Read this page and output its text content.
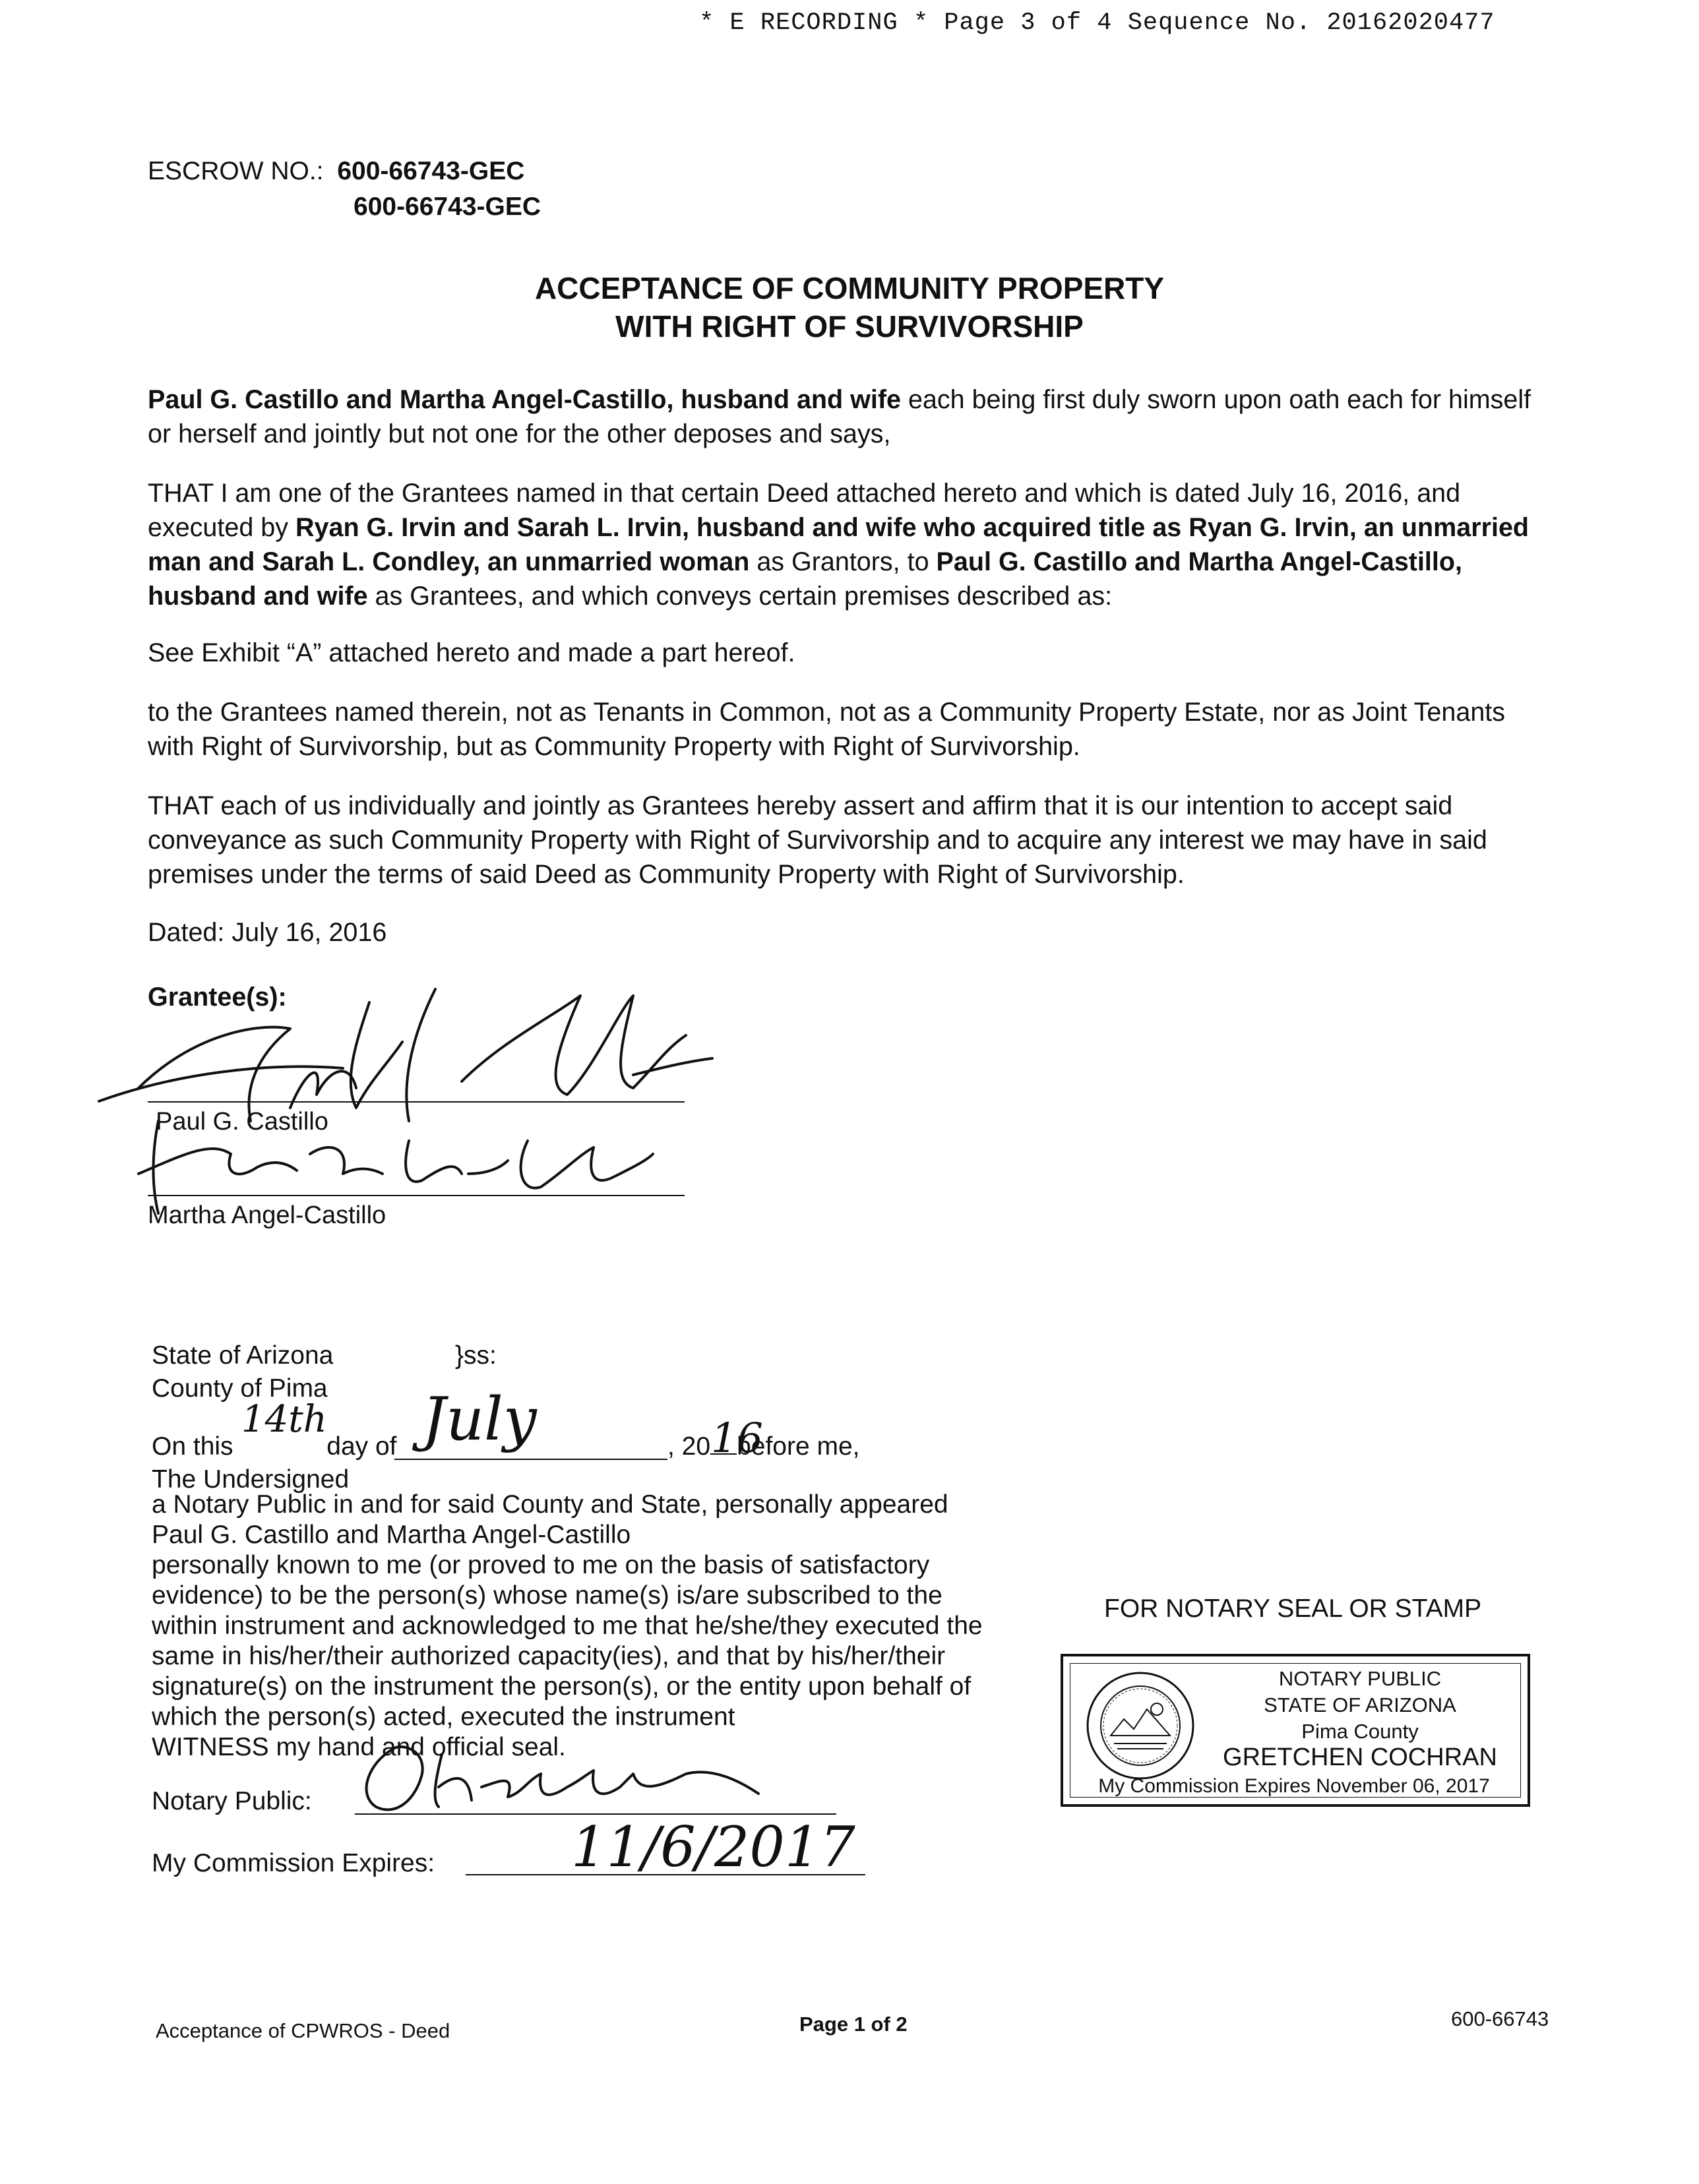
* E RECORDING * Page 3 of 4 Sequence No. 20162020477
ESCROW NO.: 600-66743-GEC
600-66743-GEC
ACCEPTANCE OF COMMUNITY PROPERTY
WITH RIGHT OF SURVIVORSHIP
Paul G. Castillo and Martha Angel-Castillo, husband and wife each being first duly sworn upon oath each for himself or herself and jointly but not one for the other deposes and says,
THAT I am one of the Grantees named in that certain Deed attached hereto and which is dated July 16, 2016, and executed by Ryan G. Irvin and Sarah L. Irvin, husband and wife who acquired title as Ryan G. Irvin, an unmarried man and Sarah L. Condley, an unmarried woman as Grantors, to Paul G. Castillo and Martha Angel-Castillo, husband and wife as Grantees, and which conveys certain premises described as:
See Exhibit “A” attached hereto and made a part hereof.
to the Grantees named therein, not as Tenants in Common, not as a Community Property Estate, nor as Joint Tenants with Right of Survivorship, but as Community Property with Right of Survivorship.
THAT each of us individually and jointly as Grantees hereby assert and affirm that it is our intention to accept said conveyance as such Community Property with Right of Survivorship and to acquire any interest we may have in said premises under the terms of said Deed as Community Property with Right of Survivorship.
Dated: July 16, 2016
Grantee(s):
Paul G. Castillo
Martha Angel-Castillo
State of Arizona	}ss:
County of Pima
On this	day of	, 20 before me,
14th July	16
The Undersigned
a Notary Public in and for said County and State, personally appeared
Paul G. Castillo and Martha Angel-Castillo
personally known to me (or proved to me on the basis of satisfactory
evidence) to be the person(s) whose name(s) is/are subscribed to the
within instrument and acknowledged to me that he/she/they executed the
same in his/her/their authorized capacity(ies), and that by his/her/their
signature(s) on the instrument the person(s), or the entity upon behalf of
which the person(s) acted, executed the instrument
WITNESS my hand and official seal.
Notary Public:
My Commission Expires: 11/6/2017
FOR NOTARY SEAL OR STAMP
NOTARY PUBLIC
STATE OF ARIZONA
Pima County
GRETCHEN COCHRAN
My Commission Expires November 06, 2017
Acceptance of CPWROS - Deed	Page 1 of 2	600-66743
